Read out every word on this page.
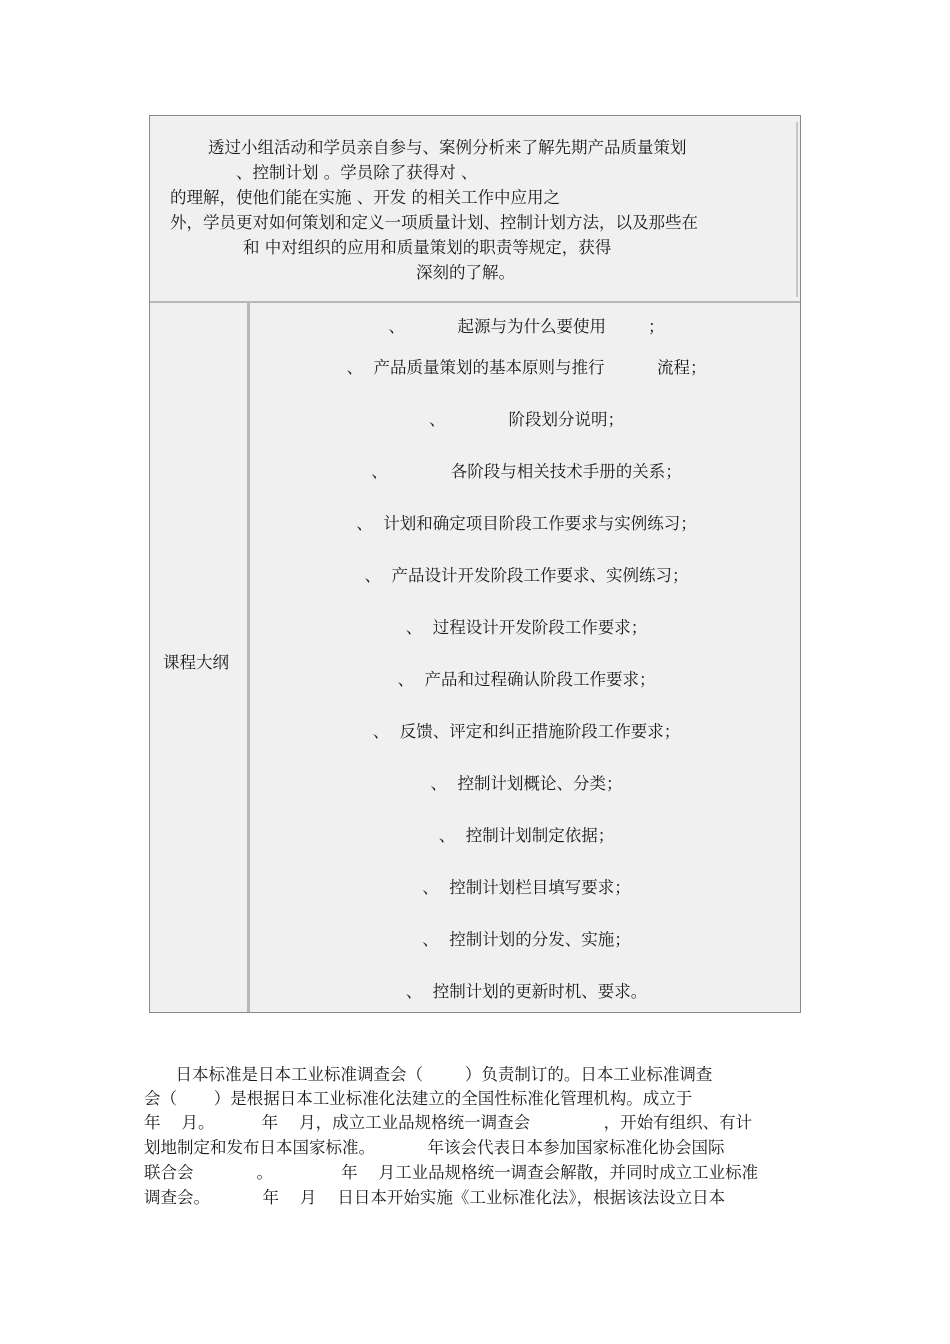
透过小组活动和学员亲自参与、案例分析来了解先期产品质量策划
、控制计划 。学员除了获得对 、
的理解，使他们能在实施 、开发 的相关工作中应用之
外，学员更对如何策划和定义一项质量计划、控制计划方法，以及那些在
和 中对组织的应用和质量策划的职责等规定，获得
深刻的了解。
课程大纲
、          起源与为什么要使用        ；
、  产品质量策划的基本原则与推行          流程；
、            阶段划分说明；
、            各阶段与相关技术手册的关系；
、  计划和确定项目阶段工作要求与实例练习；
、  产品设计开发阶段工作要求、实例练习；
、  过程设计开发阶段工作要求；
、  产品和过程确认阶段工作要求；
、  反馈、评定和纠正措施阶段工作要求；
、  控制计划概论、分类；
、  控制计划制定依据；
、  控制计划栏目填写要求；
、  控制计划的分发、实施；
、  控制计划的更新时机、要求。
日本标准是日本工业标准调查会（        ）负责制订的。日本工业标准调查
会（       ）是根据日本工业标准化法建立的全国性标准化管理机构。成立于
年    月。         年    月，成立工业品规格统一调查会              ，开始有组织、有计
划地制定和发布日本国家标准。          年该会代表日本参加国家标准化协会国际
联合会            。             年    月工业品规格统一调查会解散，并同时成立工业标准
调查会。          年    月    日日本开始实施《工业标准化法》，根据该法设立日本
